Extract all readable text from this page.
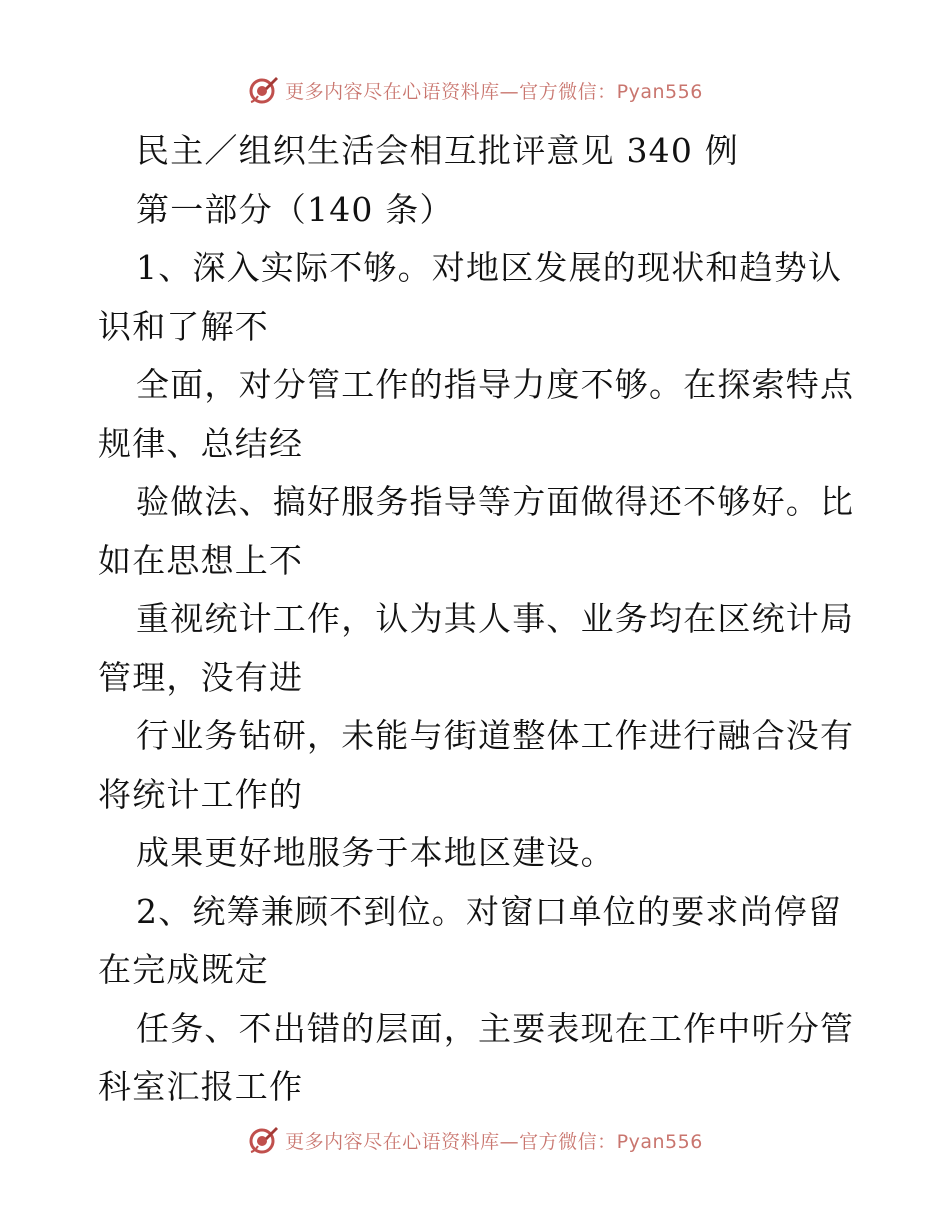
更多内容尽在心语资料库—官方微信：Pyan556
民主／组织生活会相互批评意见 340 例
第一部分（140 条）
1、深入实际不够。对地区发展的现状和趋势认
识和了解不
全面，对分管工作的指导力度不够。在探索特点
规律、总结经
验做法、搞好服务指导等方面做得还不够好。比
如在思想上不
重视统计工作，认为其人事、业务均在区统计局
管理，没有进
行业务钻研，未能与街道整体工作进行融合没有
将统计工作的
成果更好地服务于本地区建设。
2、统筹兼顾不到位。对窗口单位的要求尚停留
在完成既定
任务、不出错的层面，主要表现在工作中听分管
科室汇报工作
更多内容尽在心语资料库—官方微信：Pyan556
